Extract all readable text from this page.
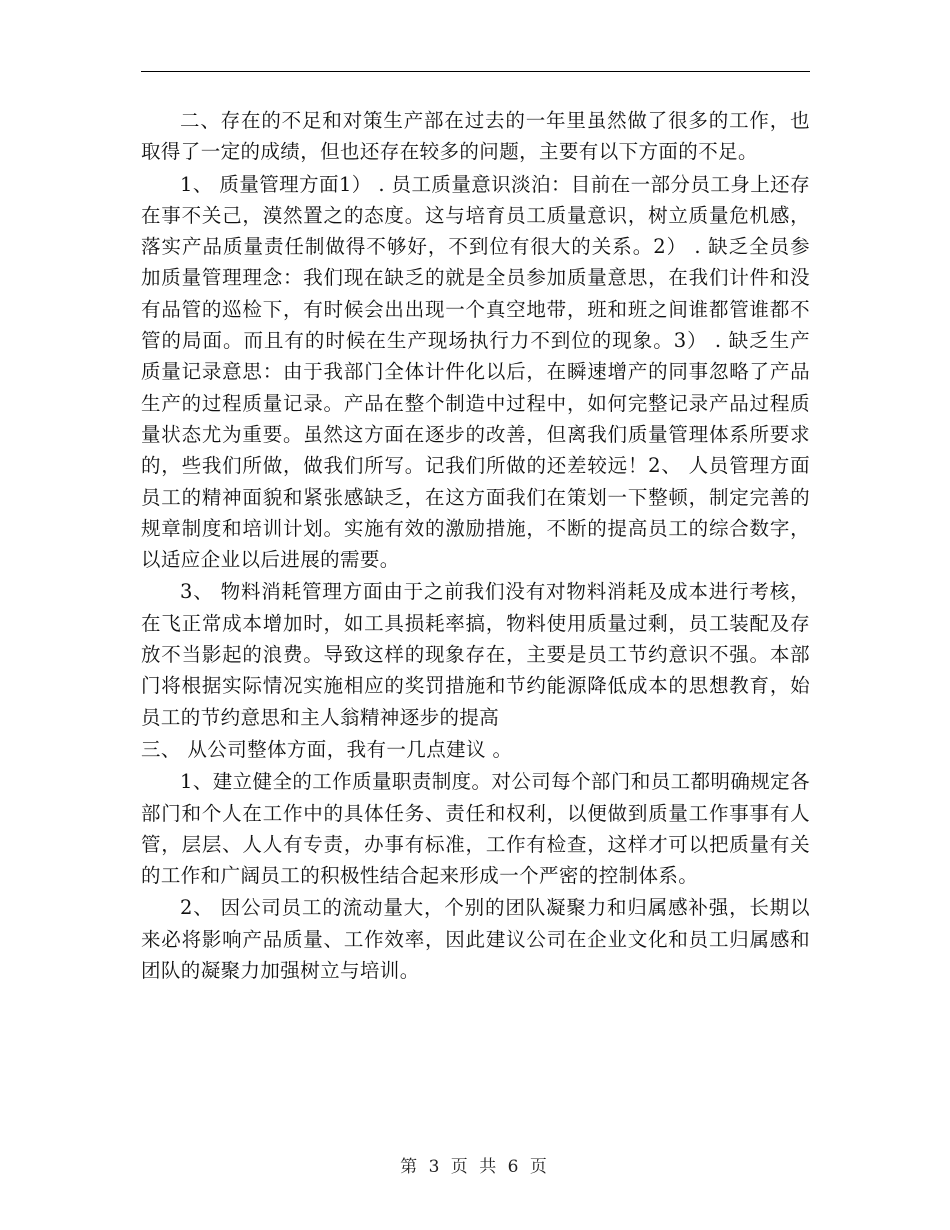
二、存在的不足和对策生产部在过去的一年里虽然做了很多的工作，也取得了一定的成绩，但也还存在较多的问题，主要有以下方面的不足。

1、 质量管理方面1） . 员工质量意识淡泊：目前在一部分员工身上还存在事不关己，漠然置之的态度。这与培育员工质量意识，树立质量危机感，落实产品质量责任制做得不够好，不到位有很大的关系。2） . 缺乏全员参加质量管理理念：我们现在缺乏的就是全员参加质量意思，在我们计件和没有品管的巡检下，有时候会出出现一个真空地带，班和班之间谁都管谁都不管的局面。而且有的时候在生产现场执行力不到位的现象。3） . 缺乏生产质量记录意思：由于我部门全体计件化以后，在瞬速增产的同事忽略了产品生产的过程质量记录。产品在整个制造中过程中，如何完整记录产品过程质量状态尤为重要。虽然这方面在逐步的改善，但离我们质量管理体系所要求的，些我们所做，做我们所写。记我们所做的还差较远！2、 人员管理方面员工的精神面貌和紧张感缺乏，在这方面我们在策划一下整顿，制定完善的规章制度和培训计划。实施有效的激励措施，不断的提高员工的综合数字，以适应企业以后进展的需要。

3、 物料消耗管理方面由于之前我们没有对物料消耗及成本进行考核，在飞正常成本增加时，如工具损耗率搞，物料使用质量过剩，员工装配及存放不当影起的浪费。导致这样的现象存在，主要是员工节约意识不强。本部门将根据实际情况实施相应的奖罚措施和节约能源降低成本的思想教育，始员工的节约意思和主人翁精神逐步的提高

三、 从公司整体方面，我有一几点建议 。

1、建立健全的工作质量职责制度。对公司每个部门和员工都明确规定各部门和个人在工作中的具体任务、责任和权利，以便做到质量工作事事有人管，层层、人人有专责，办事有标准，工作有检查，这样才可以把质量有关的工作和广阔员工的积极性结合起来形成一个严密的控制体系。

2、 因公司员工的流动量大，个别的团队凝聚力和归属感补强，长期以来必将影响产品质量、工作效率，因此建议公司在企业文化和员工归属感和团队的凝聚力加强树立与培训。

第 3 页 共 6 页
